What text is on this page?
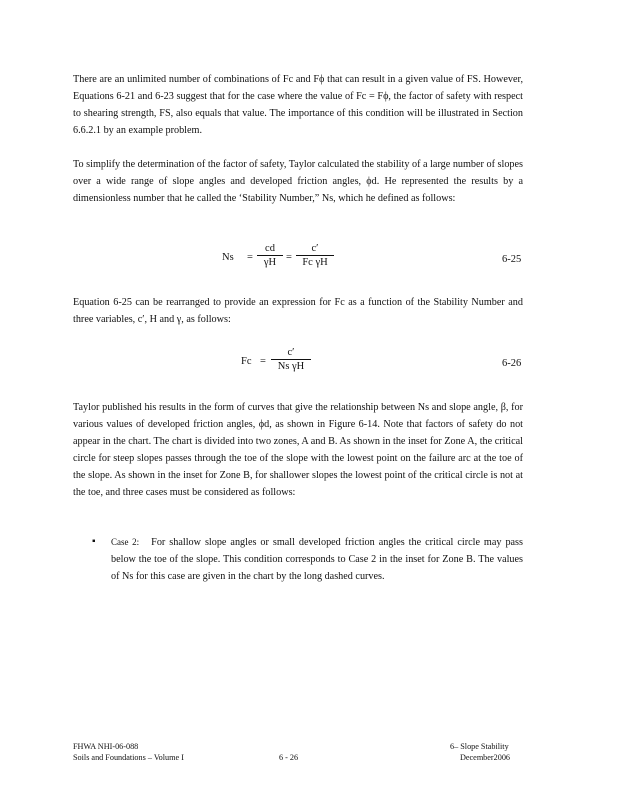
There are an unlimited number of combinations of Fc and Fϕ that can result in a given value of FS. However, Equations 6-21 and 6-23 suggest that for the case where the value of Fc = Fϕ, the factor of safety with respect to shearing strength, FS, also equals that value. The importance of this condition will be illustrated in Section 6.6.2.1 by an example problem.

To simplify the determination of the factor of safety, Taylor calculated the stability of a large number of slopes over a wide range of slope angles and developed friction angles, ϕd. He represented the results by a dimensionless number that he called the ‘Stability Number,” Ns, which he defined as follows:

$Ns = \frac{cd}{\gamma H} = \frac{c'}{\text{Fc γH}}$	6-25

Equation 6-25 can be rearranged to provide an expression for Fc as a function of the Stability Number and three variables, c′, H and γ, as follows:

$Fc = \frac{c'}{\text{Ns γH}}$	6-26

Taylor published his results in the form of curves that give the relationship between Ns and slope angle, β, for various values of developed friction angles, ϕd, as shown in Figure 6-14. Note that factors of safety do not appear in the chart. The chart is divided into two zones, A and B. As shown in the inset for Zone A, the critical circle for steep slopes passes through the toe of the slope with the lowest point on the failure arc at the toe of the slope. As shown in the inset for Zone B, for shallower slopes the lowest point of the critical circle is not at the toe, and three cases must be considered as follows:

▪ Case 2: For shallow slope angles or small developed friction angles the critical circle may pass below the toe of the slope. This condition corresponds to Case 2 in the inset for Zone B. The values of Ns for this case are given in the chart by the long dashed curves.

FHWA NHI-06-088
Soils and Foundations – Volume I	6 - 26
6– Slope Stability
December2006
